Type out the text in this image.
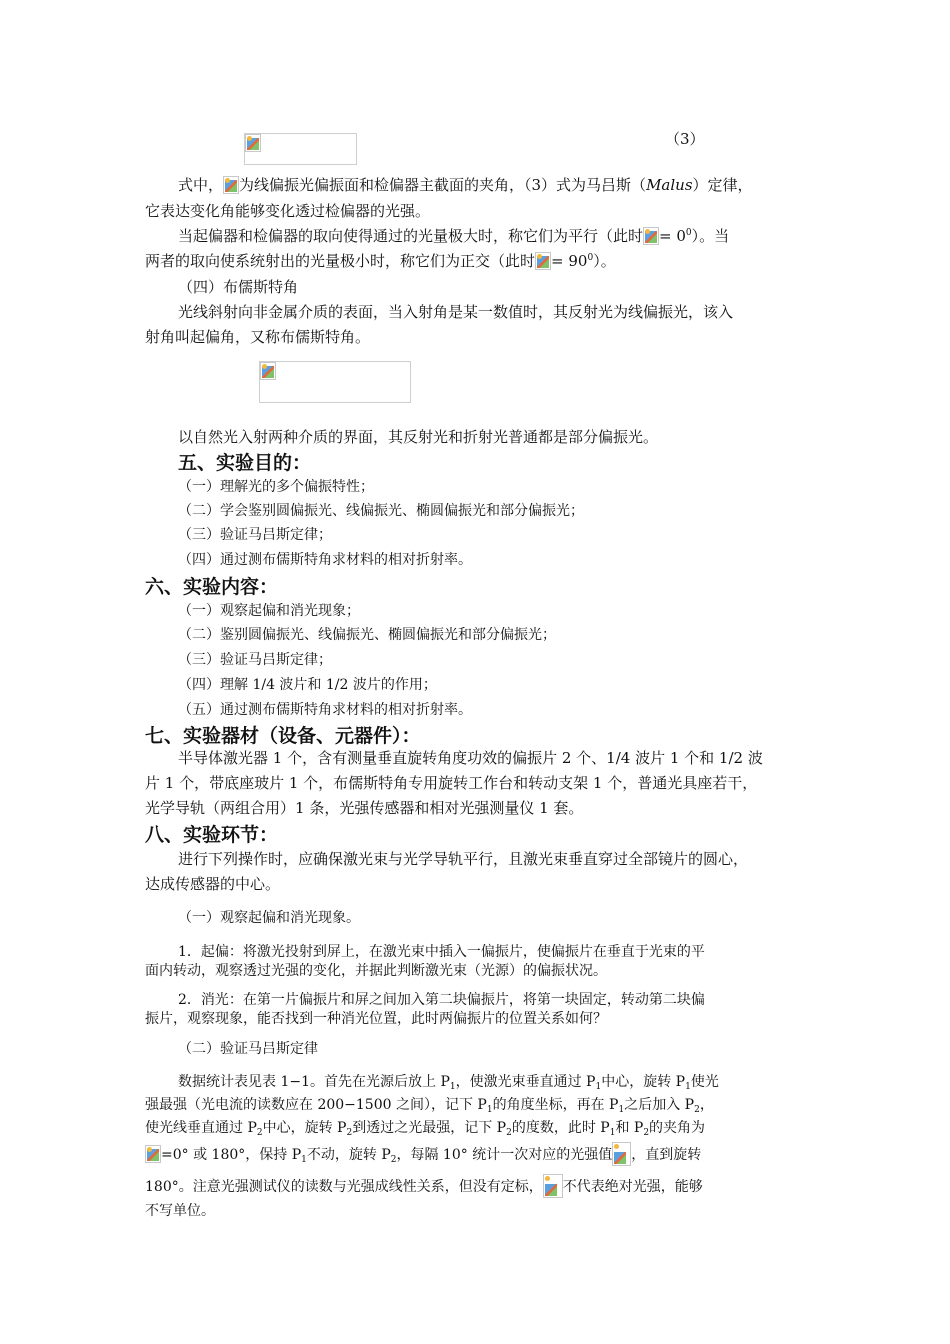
（3）
式中， 为线偏振光偏振面和检偏器主截面的夹角，（3）式为马吕斯（Malus）定律，
它表达变化角能够变化透过检偏器的光强。
当起偏器和检偏器的取向使得通过的光量极大时，称它们为平行（此时 = $0^0$）。当
两者的取向使系统射出的光量极小时，称它们为正交（此时 = $90^0$）。
（四）布儒斯特角
光线斜射向非金属介质的表面，当入射角是某一数值时，其反射光为线偏振光，该入
射角叫起偏角，又称布儒斯特角。
以自然光入射两种介质的界面，其反射光和折射光普通都是部分偏振光。
五、实验目的：
（一）理解光的多个偏振特性；
（二）学会鉴别圆偏振光、线偏振光、椭圆偏振光和部分偏振光；
（三）验证马吕斯定律；
（四）通过测布儒斯特角求材料的相对折射率。
六、实验内容：
（一）观察起偏和消光现象；
（二）鉴别圆偏振光、线偏振光、椭圆偏振光和部分偏振光；
（三）验证马吕斯定律；
（四）理解 1/4 波片和 1/2 波片的作用；
（五）通过测布儒斯特角求材料的相对折射率。
七、实验器材（设备、元器件）：
半导体激光器 1 个，含有测量垂直旋转角度功效的偏振片 2 个、1/4 波片 1 个和 1/2 波
片 1 个，带底座玻片 1 个，布儒斯特角专用旋转工作台和转动支架 1 个，普通光具座若干，
光学导轨（两组合用）1 条，光强传感器和相对光强测量仪 1 套。
八、实验环节：
进行下列操作时，应确保激光束与光学导轨平行，且激光束垂直穿过全部镜片的圆心，
达成传感器的中心。
（一）观察起偏和消光现象。
1．起偏：将激光投射到屏上，在激光束中插入一偏振片，使偏振片在垂直于光束的平
面内转动，观察透过光强的变化，并据此判断激光束（光源）的偏振状况。
2．消光：在第一片偏振片和屏之间加入第二块偏振片，将第一块固定，转动第二块偏
振片，观察现象，能否找到一种消光位置，此时两偏振片的位置关系如何？
（二）验证马吕斯定律
数据统计表见表 1−1。首先在光源后放上 $P_1$，使激光束垂直通过 $P_1$中心，旋转 $P_1$使光
强最强（光电流的读数应在 200−1500 之间），记下 $P_1$的角度坐标，再在 $P_1$之后加入 $P_2$，
使光线垂直通过 $P_2$中心，旋转 $P_2$到透过之光最强，记下 $P_2$的度数，此时 $P_1$和 $P_2$的夹角为
=0° 或 180°，保持 $P_1$不动，旋转 $P_2$，每隔 10° 统计一次对应的光强值 ，直到旋转
180°。注意光强测试仪的读数与光强成线性关系，但没有定标， 不代表绝对光强，能够
不写单位。
